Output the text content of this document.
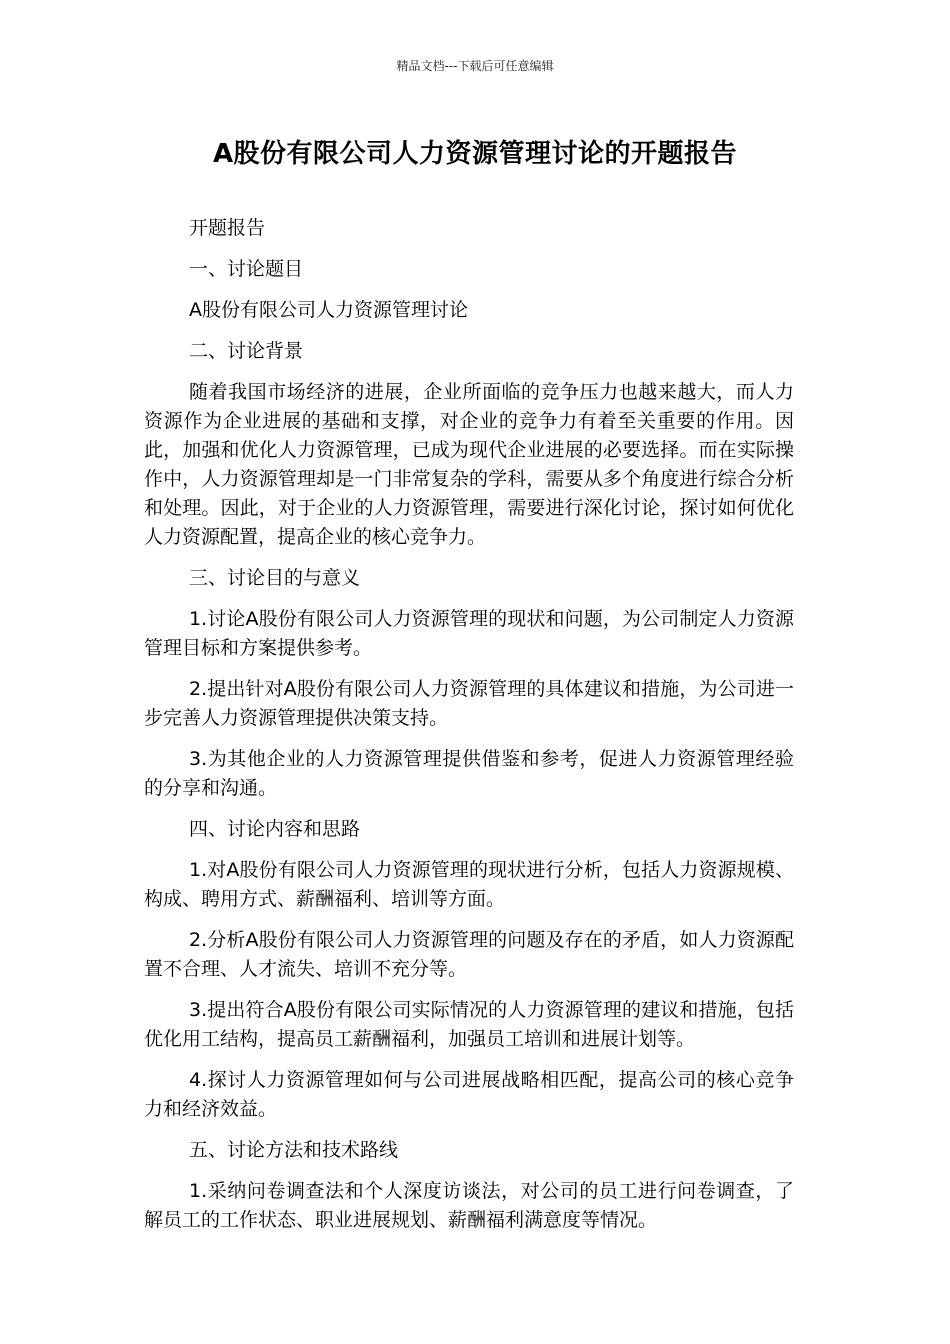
精品文档---下载后可任意编辑
A股份有限公司人力资源管理讨论的开题报告
开题报告
一、讨论题目
A股份有限公司人力资源管理讨论
二、讨论背景

随着我国市场经济的进展，企业所面临的竞争压力也越来越大，而人力资源作为企业进展的基础和支撑，对企业的竞争力有着至关重要的作用。因此，加强和优化人力资源管理，已成为现代企业进展的必要选择。而在实际操作中，人力资源管理却是一门非常复杂的学科，需要从多个角度进行综合分析和处理。因此，对于企业的人力资源管理，需要进行深化讨论，探讨如何优化人力资源配置，提高企业的核心竞争力。

三、讨论目的与意义

1.讨论A股份有限公司人力资源管理的现状和问题，为公司制定人力资源管理目标和方案提供参考。

2.提出针对A股份有限公司人力资源管理的具体建议和措施，为公司进一步完善人力资源管理提供决策支持。

3.为其他企业的人力资源管理提供借鉴和参考，促进人力资源管理经验的分享和沟通。

四、讨论内容和思路

1.对A股份有限公司人力资源管理的现状进行分析，包括人力资源规模、构成、聘用方式、薪酬福利、培训等方面。

2.分析A股份有限公司人力资源管理的问题及存在的矛盾，如人力资源配置不合理、人才流失、培训不充分等。

3.提出符合A股份有限公司实际情况的人力资源管理的建议和措施，包括优化用工结构，提高员工薪酬福利，加强员工培训和进展计划等。

4.探讨人力资源管理如何与公司进展战略相匹配，提高公司的核心竞争力和经济效益。

五、讨论方法和技术路线

1.采纳问卷调查法和个人深度访谈法，对公司的员工进行问卷调查，了解员工的工作状态、职业进展规划、薪酬福利满意度等情况。
